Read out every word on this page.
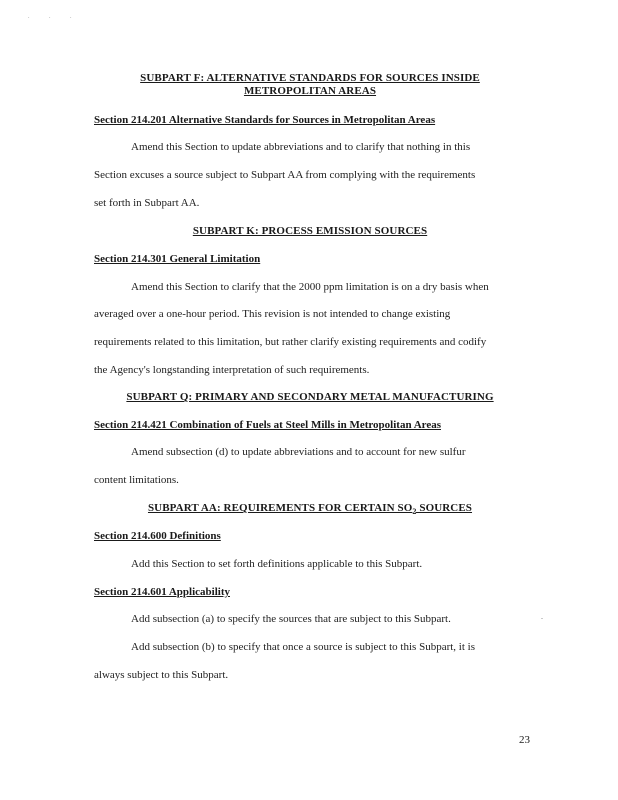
. . .
SUBPART F: ALTERNATIVE STANDARDS FOR SOURCES INSIDE
METROPOLITAN AREAS
Section 214.201 Alternative Standards for Sources in Metropolitan Areas
Amend this Section to update abbreviations and to clarify that nothing in this
Section excuses a source subject to Subpart AA from complying with the requirements
set forth in Subpart AA.
SUBPART K: PROCESS EMISSION SOURCES
Section 214.301 General Limitation
Amend this Section to clarify that the 2000 ppm limitation is on a dry basis when
averaged over a one-hour period. This revision is not intended to change existing
requirements related to this limitation, but rather clarify existing requirements and codify
the Agency's longstanding interpretation of such requirements.
SUBPART Q: PRIMARY AND SECONDARY METAL MANUFACTURING
Section 214.421 Combination of Fuels at Steel Mills in Metropolitan Areas
Amend subsection (d) to update abbreviations and to account for new sulfur
content limitations.
SUBPART AA: REQUIREMENTS FOR CERTAIN $SO_2$ SOURCES
Section 214.600 Definitions
Add this Section to set forth definitions applicable to this Subpart.
Section 214.601 Applicability
Add subsection (a) to specify the sources that are subject to this Subpart.
Add subsection (b) to specify that once a source is subject to this Subpart, it is
always subject to this Subpart.
.
23
